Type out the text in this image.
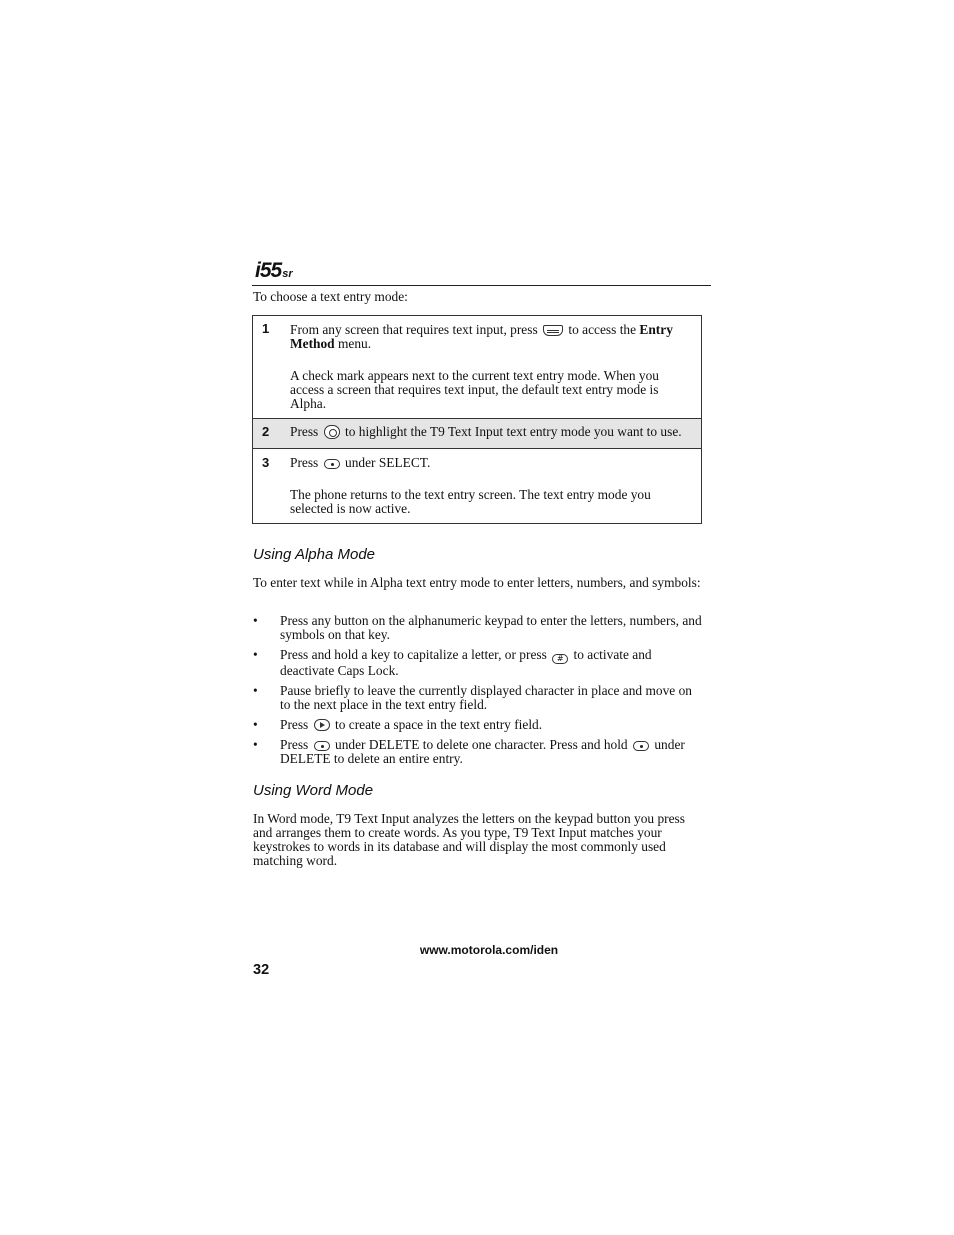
i55sr
To choose a text entry mode:
1 From any screen that requires text input, press to access the Entry Method menu.

A check mark appears next to the current text entry mode. When you access a screen that requires text input, the default text entry mode is Alpha.

2 Press to highlight the T9 Text Input text entry mode you want to use.

3 Press under SELECT.

The phone returns to the text entry screen. The text entry mode you selected is now active.

Using Alpha Mode
To enter text while in Alpha text entry mode to enter letters, numbers, and symbols:
• Press any button on the alphanumeric keypad to enter the letters, numbers, and symbols on that key.
• Press and hold a key to capitalize a letter, or press # to activate and deactivate Caps Lock.
• Pause briefly to leave the currently displayed character in place and move on to the next place in the text entry field.
• Press to create a space in the text entry field.
• Press under DELETE to delete one character. Press and hold under DELETE to delete an entire entry.
Using Word Mode
In Word mode, T9 Text Input analyzes the letters on the keypad button you press and arranges them to create words. As you type, T9 Text Input matches your keystrokes to words in its database and will display the most commonly used matching word.
www.motorola.com/iden
32
